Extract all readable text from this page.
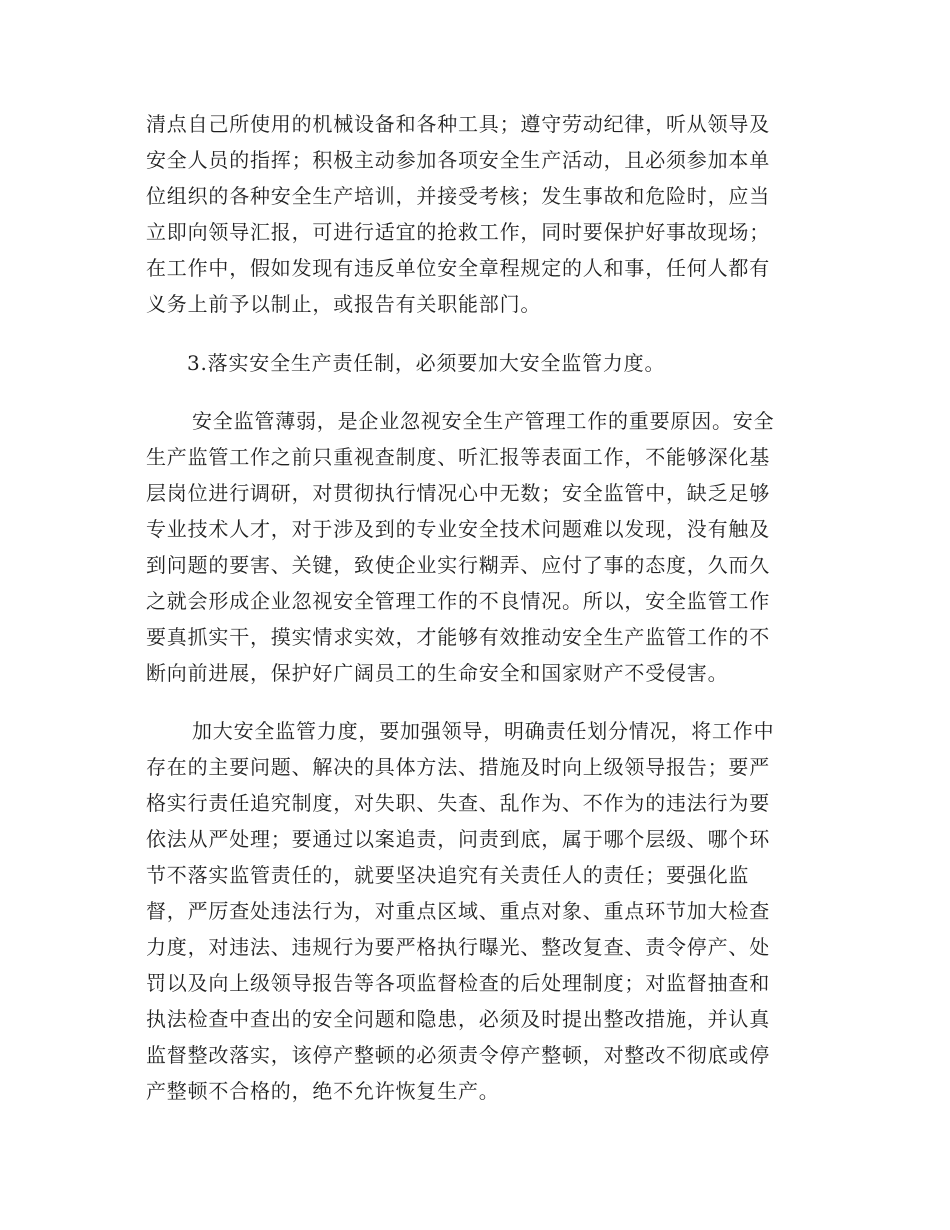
清点自己所使用的机械设备和各种工具；遵守劳动纪律，听从领导及
安全人员的指挥；积极主动参加各项安全生产活动，且必须参加本单
位组织的各种安全生产培训，并接受考核；发生事故和危险时，应当
立即向领导汇报，可进行适宜的抢救工作，同时要保护好事故现场；
在工作中，假如发现有违反单位安全章程规定的人和事，任何人都有
义务上前予以制止，或报告有关职能部门。
3.落实安全生产责任制，必须要加大安全监管力度。
安全监管薄弱，是企业忽视安全生产管理工作的重要原因。安全
生产监管工作之前只重视查制度、听汇报等表面工作，不能够深化基
层岗位进行调研，对贯彻执行情况心中无数；安全监管中，缺乏足够
专业技术人才，对于涉及到的专业安全技术问题难以发现，没有触及
到问题的要害、关键，致使企业实行糊弄、应付了事的态度，久而久
之就会形成企业忽视安全管理工作的不良情况。所以，安全监管工作
要真抓实干，摸实情求实效，才能够有效推动安全生产监管工作的不
断向前进展，保护好广阔员工的生命安全和国家财产不受侵害。
加大安全监管力度，要加强领导，明确责任划分情况，将工作中
存在的主要问题、解决的具体方法、措施及时向上级领导报告；要严
格实行责任追究制度，对失职、失查、乱作为、不作为的违法行为要
依法从严处理；要通过以案追责，问责到底，属于哪个层级、哪个环
节不落实监管责任的，就要坚决追究有关责任人的责任；要强化监
督，严厉查处违法行为，对重点区域、重点对象、重点环节加大检查
力度，对违法、违规行为要严格执行曝光、整改复查、责令停产、处
罚以及向上级领导报告等各项监督检查的后处理制度；对监督抽查和
执法检查中查出的安全问题和隐患，必须及时提出整改措施，并认真
监督整改落实，该停产整顿的必须责令停产整顿，对整改不彻底或停
产整顿不合格的，绝不允许恢复生产。
